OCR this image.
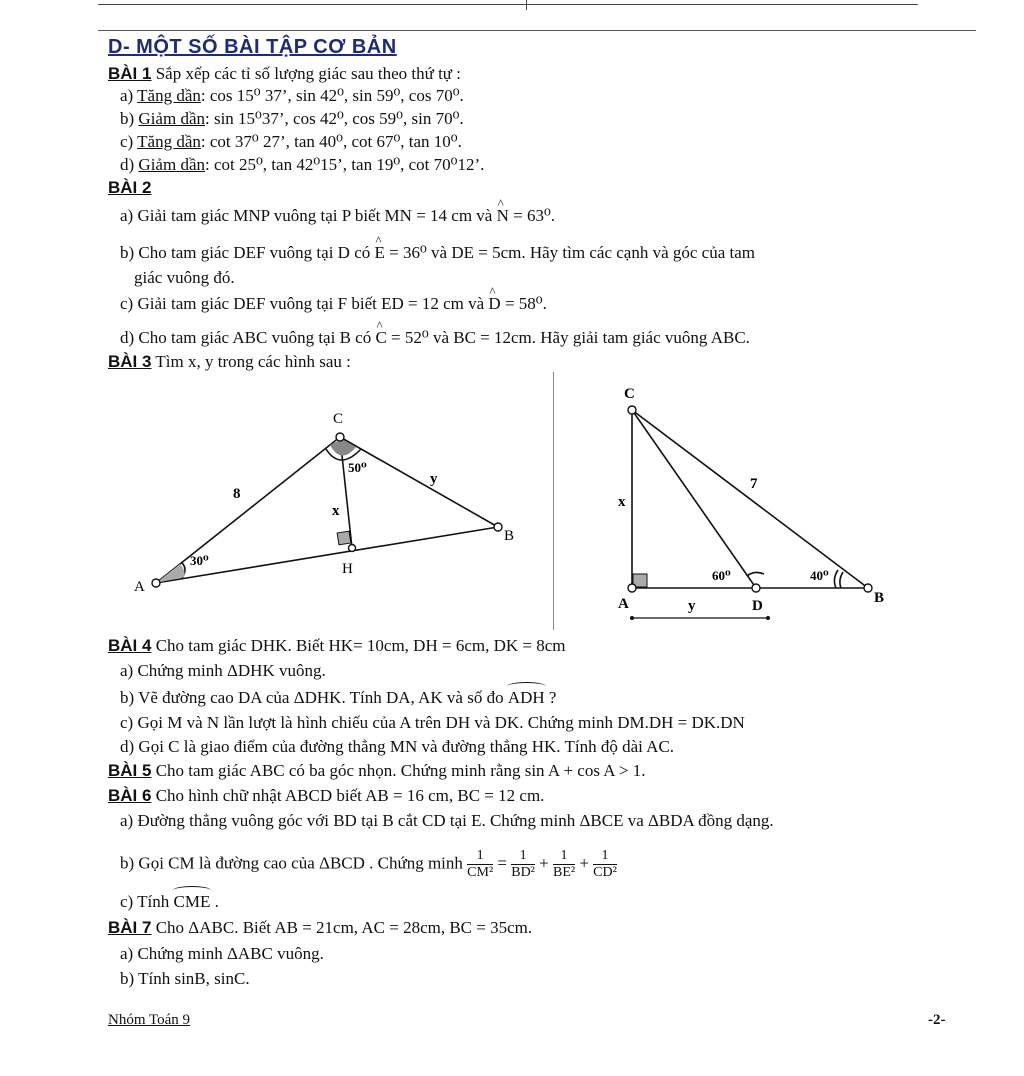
D- MỘT SỐ BÀI TẬP CƠ BẢN
BÀI 1 Sắp xếp các tỉ số lượng giác sau theo thứ tự :
a) Tăng dần: cos 15⁰ 37’, sin 42⁰, sin 59⁰, cos 70⁰.
b) Giảm dần: sin 15⁰37’, cos 42⁰, cos 59⁰, sin 70⁰.
c) Tăng dần: cot 37⁰ 27’, tan 40⁰, cot 67⁰, tan 10⁰.
d) Giảm dần: cot 25⁰, tan 42⁰15’, tan 19⁰, cot 70⁰12’.
BÀI 2
a) Giải tam giác MNP vuông tại P biết MN = 14 cm và ^ N = 63⁰.
b) Cho tam giác DEF vuông tại D có ^ E = 36⁰ và DE = 5cm. Hãy tìm các cạnh và góc của tam
giác vuông đó.
c) Giải tam giác DEF vuông tại F biết ED = 12 cm và ^ D = 58⁰.
d) Cho tam giác ABC vuông tại B có ^ C = 52⁰ và BC = 12cm. Hãy giải tam giác vuông ABC.
BÀI 3 Tìm x, y trong các hình sau :
C
A
B
H
8
x
y
50⁰
30⁰
C
A	D	B
x
y
7
60⁰	40⁰
BÀI 4 Cho tam giác DHK. Biết HK= 10cm, DH = 6cm, DK = 8cm
a) Chứng minh ΔDHK vuông.
b) Vẽ đường cao DA của ΔDHK. Tính DA, AK và số đo ADH ?
c) Gọi M và N lần lượt là hình chiếu của A trên DH và DK. Chứng minh DM.DH = DK.DN
d) Gọi C là giao điểm của đường thẳng MN và đường thẳng HK. Tính độ dài AC.
BÀI 5 Cho tam giác ABC có ba góc nhọn. Chứng minh rằng sin A + cos A > 1.
BÀI 6 Cho hình chữ nhật ABCD biết AB = 16 cm, BC = 12 cm.
a) Đường thẳng vuông góc với BD tại B cắt CD tại E. Chứng minh ΔBCE va ΔBDA đồng dạng.
b) Gọi CM là đường cao của ΔBCD . Chứng minh $\frac{1}{\text{CM²}} = \frac{1}{\text{BD²}} + \frac{1}{\text{BE²}} + \frac{1}{\text{CD²}}$
c) Tính CME .
BÀI 7 Cho ΔABC. Biết AB = 21cm, AC = 28cm, BC = 35cm.
a) Chứng minh ΔABC vuông.
b) Tính sinB, sinC.
Nhóm Toán 9	-2-
